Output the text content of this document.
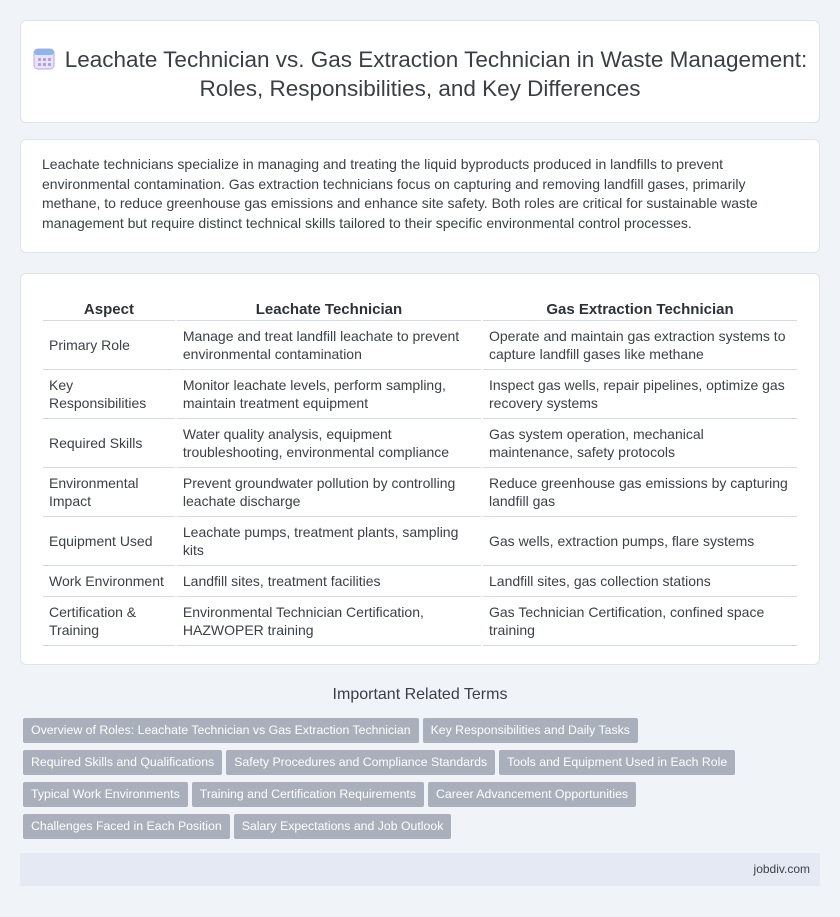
Leachate Technician vs. Gas Extraction Technician in Waste Management: Roles, Responsibilities, and Key Differences

Leachate technicians specialize in managing and treating the liquid byproducts produced in landfills to prevent environmental contamination. Gas extraction technicians focus on capturing and removing landfill gases, primarily methane, to reduce greenhouse gas emissions and enhance site safety. Both roles are critical for sustainable waste management but require distinct technical skills tailored to their specific environmental control processes.

Aspect	Leachate Technician	Gas Extraction Technician
Primary Role	Manage and treat landfill leachate to prevent environmental contamination	Operate and maintain gas extraction systems to capture landfill gases like methane
Key Responsibilities	Monitor leachate levels, perform sampling, maintain treatment equipment	Inspect gas wells, repair pipelines, optimize gas recovery systems
Required Skills	Water quality analysis, equipment troubleshooting, environmental compliance	Gas system operation, mechanical maintenance, safety protocols
Environmental Impact	Prevent groundwater pollution by controlling leachate discharge	Reduce greenhouse gas emissions by capturing landfill gas
Equipment Used	Leachate pumps, treatment plants, sampling kits	Gas wells, extraction pumps, flare systems
Work Environment	Landfill sites, treatment facilities	Landfill sites, gas collection stations
Certification & Training	Environmental Technician Certification, HAZWOPER training	Gas Technician Certification, confined space training
Important Related Terms
Overview of Roles: Leachate Technician vs Gas Extraction Technician Key Responsibilities and Daily Tasks
Required Skills and Qualifications Safety Procedures and Compliance Standards Tools and Equipment Used in Each Role
Typical Work Environments Training and Certification Requirements Career Advancement Opportunities
Challenges Faced in Each Position Salary Expectations and Job Outlook
jobdiv.com
